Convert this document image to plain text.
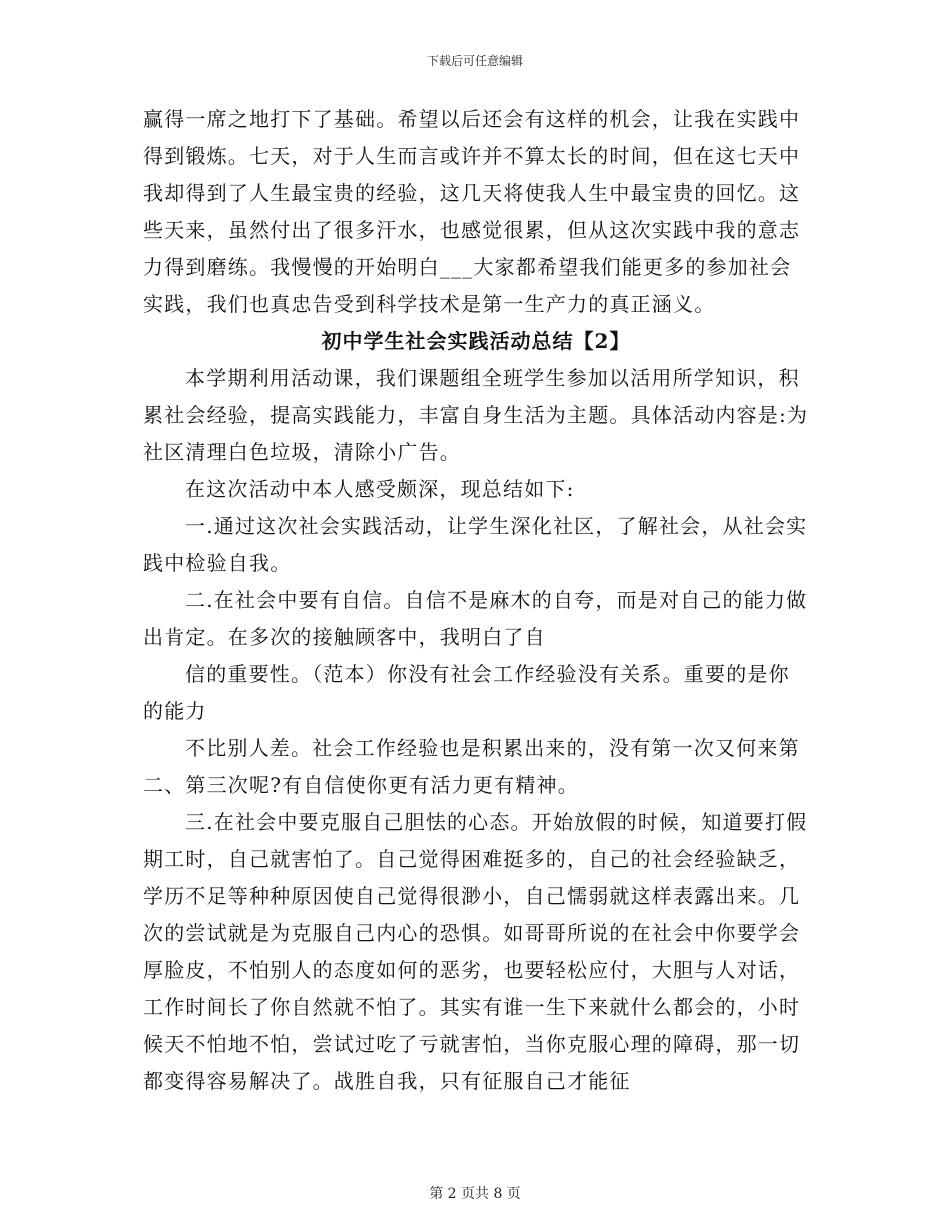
下载后可任意编辑

赢得一席之地打下了基础。希望以后还会有这样的机会，让我在实践中得到锻炼。七天，对于人生而言或许并不算太长的时间，但在这七天中我却得到了人生最宝贵的经验，这几天将使我人生中最宝贵的回忆。这些天来，虽然付出了很多汗水，也感觉很累，但从这次实践中我的意志力得到磨练。我慢慢的开始明白___大家都希望我们能更多的参加社会实践，我们也真忠告受到科学技术是第一生产力的真正涵义。

初中学生社会实践活动总结【2】

本学期利用活动课，我们课题组全班学生参加以活用所学知识，积累社会经验，提高实践能力，丰富自身生活为主题。具体活动内容是:为社区清理白色垃圾，清除小广告。

在这次活动中本人感受颇深，现总结如下:

一.通过这次社会实践活动，让学生深化社区，了解社会，从社会实践中检验自我。

二.在社会中要有自信。自信不是麻木的自夸，而是对自己的能力做出肯定。在多次的接触顾客中，我明白了自

信的重要性。（范本）你没有社会工作经验没有关系。重要的是你的能力

不比别人差。社会工作经验也是积累出来的，没有第一次又何来第二、第三次呢?有自信使你更有活力更有精神。

三.在社会中要克服自己胆怯的心态。开始放假的时候，知道要打假期工时，自己就害怕了。自己觉得困难挺多的，自己的社会经验缺乏，学历不足等种种原因使自己觉得很渺小，自己懦弱就这样表露出来。几次的尝试就是为克服自己内心的恐惧。如哥哥所说的在社会中你要学会厚脸皮，不怕别人的态度如何的恶劣，也要轻松应付，大胆与人对话，工作时间长了你自然就不怕了。其实有谁一生下来就什么都会的，小时候天不怕地不怕，尝试过吃了亏就害怕，当你克服心理的障碍，那一切都变得容易解决了。战胜自我，只有征服自己才能征

第 2 页共 8 页
